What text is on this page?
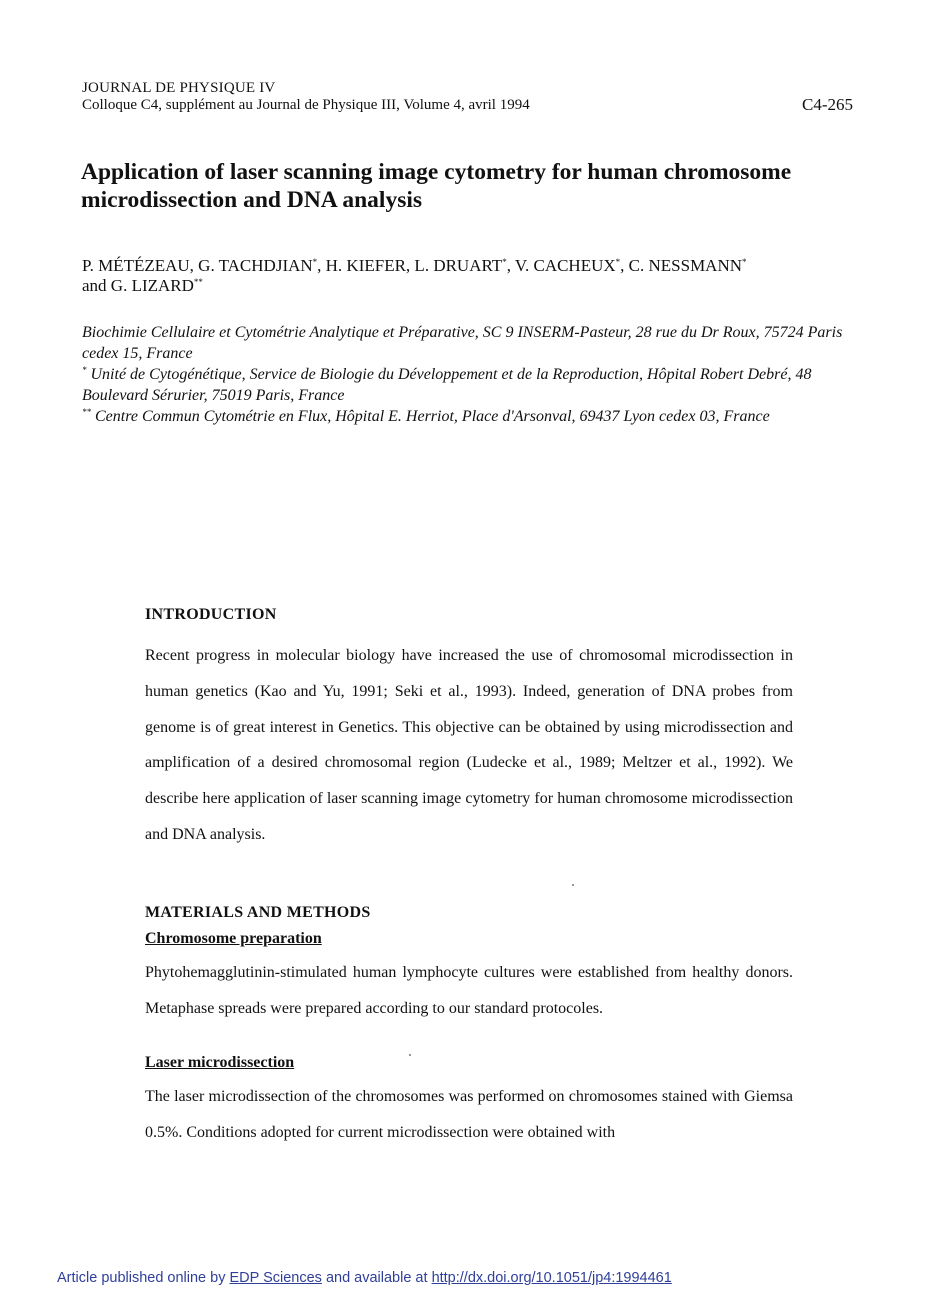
JOURNAL DE PHYSIQUE IV
Colloque C4, supplément au Journal de Physique III, Volume 4, avril 1994	C4-265
Application of laser scanning image cytometry for human chromosome microdissection and DNA analysis
P. MÉTÉZEAU, G. TACHDJIAN*, H. KIEFER, L. DRUART*, V. CACHEUX*, C. NESSMANN*
and G. LIZARD**

Biochimie Cellulaire et Cytométrie Analytique et Préparative, SC 9 INSERM-Pasteur, 28 rue du Dr Roux, 75724 Paris cedex 15, France

* Unité de Cytogénétique, Service de Biologie du Développement et de la Reproduction, Hôpital Robert Debré, 48 Boulevard Sérurier, 75019 Paris, France

** Centre Commun Cytométrie en Flux, Hôpital E. Herriot, Place d'Arsonval, 69437 Lyon cedex 03, France

INTRODUCTION

Recent progress in molecular biology have increased the use of chromosomal microdissection in human genetics (Kao and Yu, 1991; Seki et al., 1993). Indeed, generation of DNA probes from genome is of great interest in Genetics. This objective can be obtained by using microdissection and amplification of a desired chromosomal region (Ludecke et al., 1989; Meltzer et al., 1992). We describe here application of laser scanning image cytometry for human chromosome microdissection and DNA analysis.

MATERIALS AND METHODS
Chromosome preparation

Phytohemagglutinin-stimulated human lymphocyte cultures were established from healthy donors. Metaphase spreads were prepared according to our standard protocoles.

Laser microdissection

The laser microdissection of the chromosomes was performed on chromosomes stained with Giemsa 0.5%. Conditions adopted for current microdissection were obtained with

Article published online by EDP Sciences and available at http://dx.doi.org/10.1051/jp4:1994461
